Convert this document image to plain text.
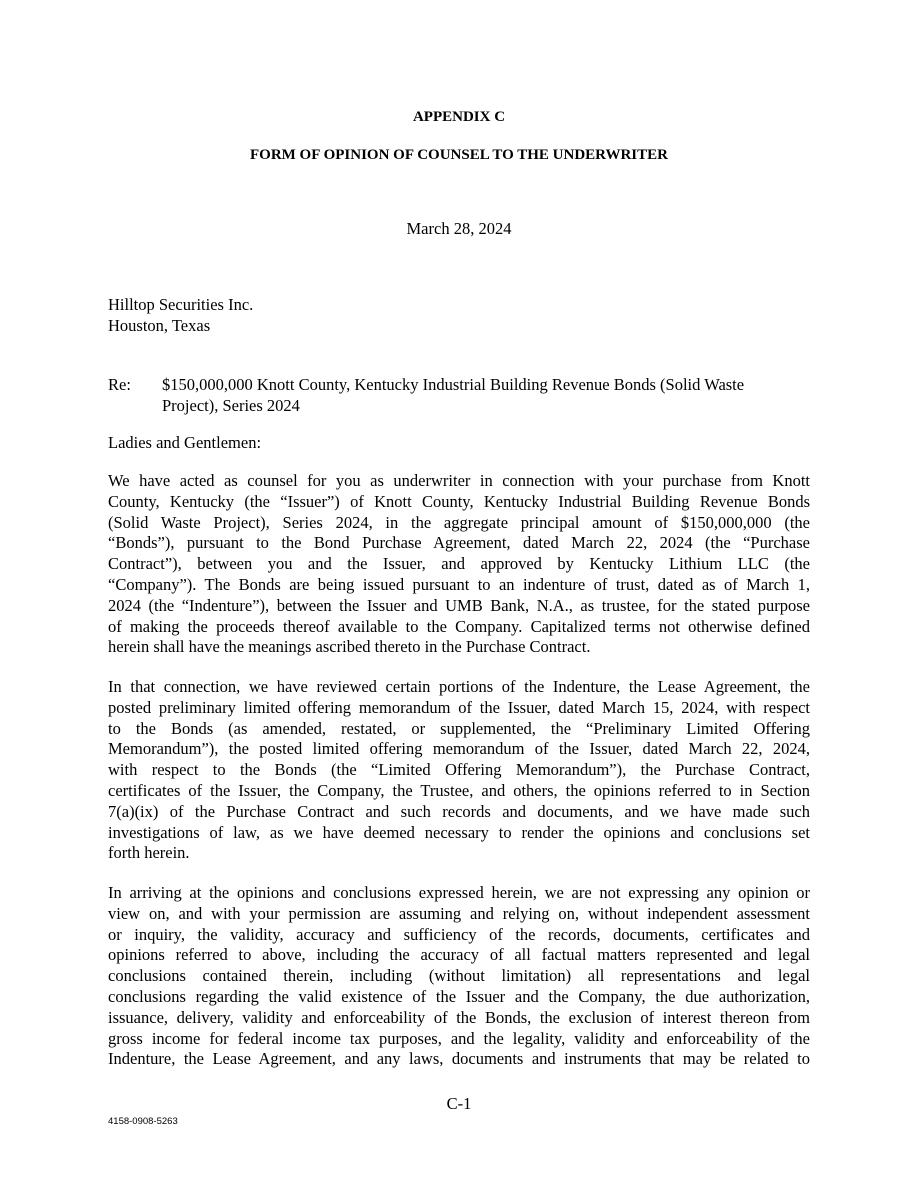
APPENDIX C
FORM OF OPINION OF COUNSEL TO THE UNDERWRITER
March 28, 2024
Hilltop Securities Inc.
Houston, Texas
Re: $150,000,000 Knott County, Kentucky Industrial Building Revenue Bonds (Solid Waste
Project), Series 2024
Ladies and Gentlemen:
We have acted as counsel for you as underwriter in connection with your purchase from Knott
County, Kentucky (the “Issuer”) of Knott County, Kentucky Industrial Building Revenue Bonds
(Solid Waste Project), Series 2024, in the aggregate principal amount of $150,000,000 (the
“Bonds”), pursuant to the Bond Purchase Agreement, dated March 22, 2024 (the “Purchase
Contract”), between you and the Issuer, and approved by Kentucky Lithium LLC (the
“Company”). The Bonds are being issued pursuant to an indenture of trust, dated as of March 1,
2024 (the “Indenture”), between the Issuer and UMB Bank, N.A., as trustee, for the stated purpose
of making the proceeds thereof available to the Company. Capitalized terms not otherwise defined
herein shall have the meanings ascribed thereto in the Purchase Contract.
In that connection, we have reviewed certain portions of the Indenture, the Lease Agreement, the
posted preliminary limited offering memorandum of the Issuer, dated March 15, 2024, with respect
to the Bonds (as amended, restated, or supplemented, the “Preliminary Limited Offering
Memorandum”), the posted limited offering memorandum of the Issuer, dated March 22, 2024,
with respect to the Bonds (the “Limited Offering Memorandum”), the Purchase Contract,
certificates of the Issuer, the Company, the Trustee, and others, the opinions referred to in Section
7(a)(ix) of the Purchase Contract and such records and documents, and we have made such
investigations of law, as we have deemed necessary to render the opinions and conclusions set
forth herein.
In arriving at the opinions and conclusions expressed herein, we are not expressing any opinion or
view on, and with your permission are assuming and relying on, without independent assessment
or inquiry, the validity, accuracy and sufficiency of the records, documents, certificates and
opinions referred to above, including the accuracy of all factual matters represented and legal
conclusions contained therein, including (without limitation) all representations and legal
conclusions regarding the valid existence of the Issuer and the Company, the due authorization,
issuance, delivery, validity and enforceability of the Bonds, the exclusion of interest thereon from
gross income for federal income tax purposes, and the legality, validity and enforceability of the
Indenture, the Lease Agreement, and any laws, documents and instruments that may be related to
C-1
4158-0908-5263
